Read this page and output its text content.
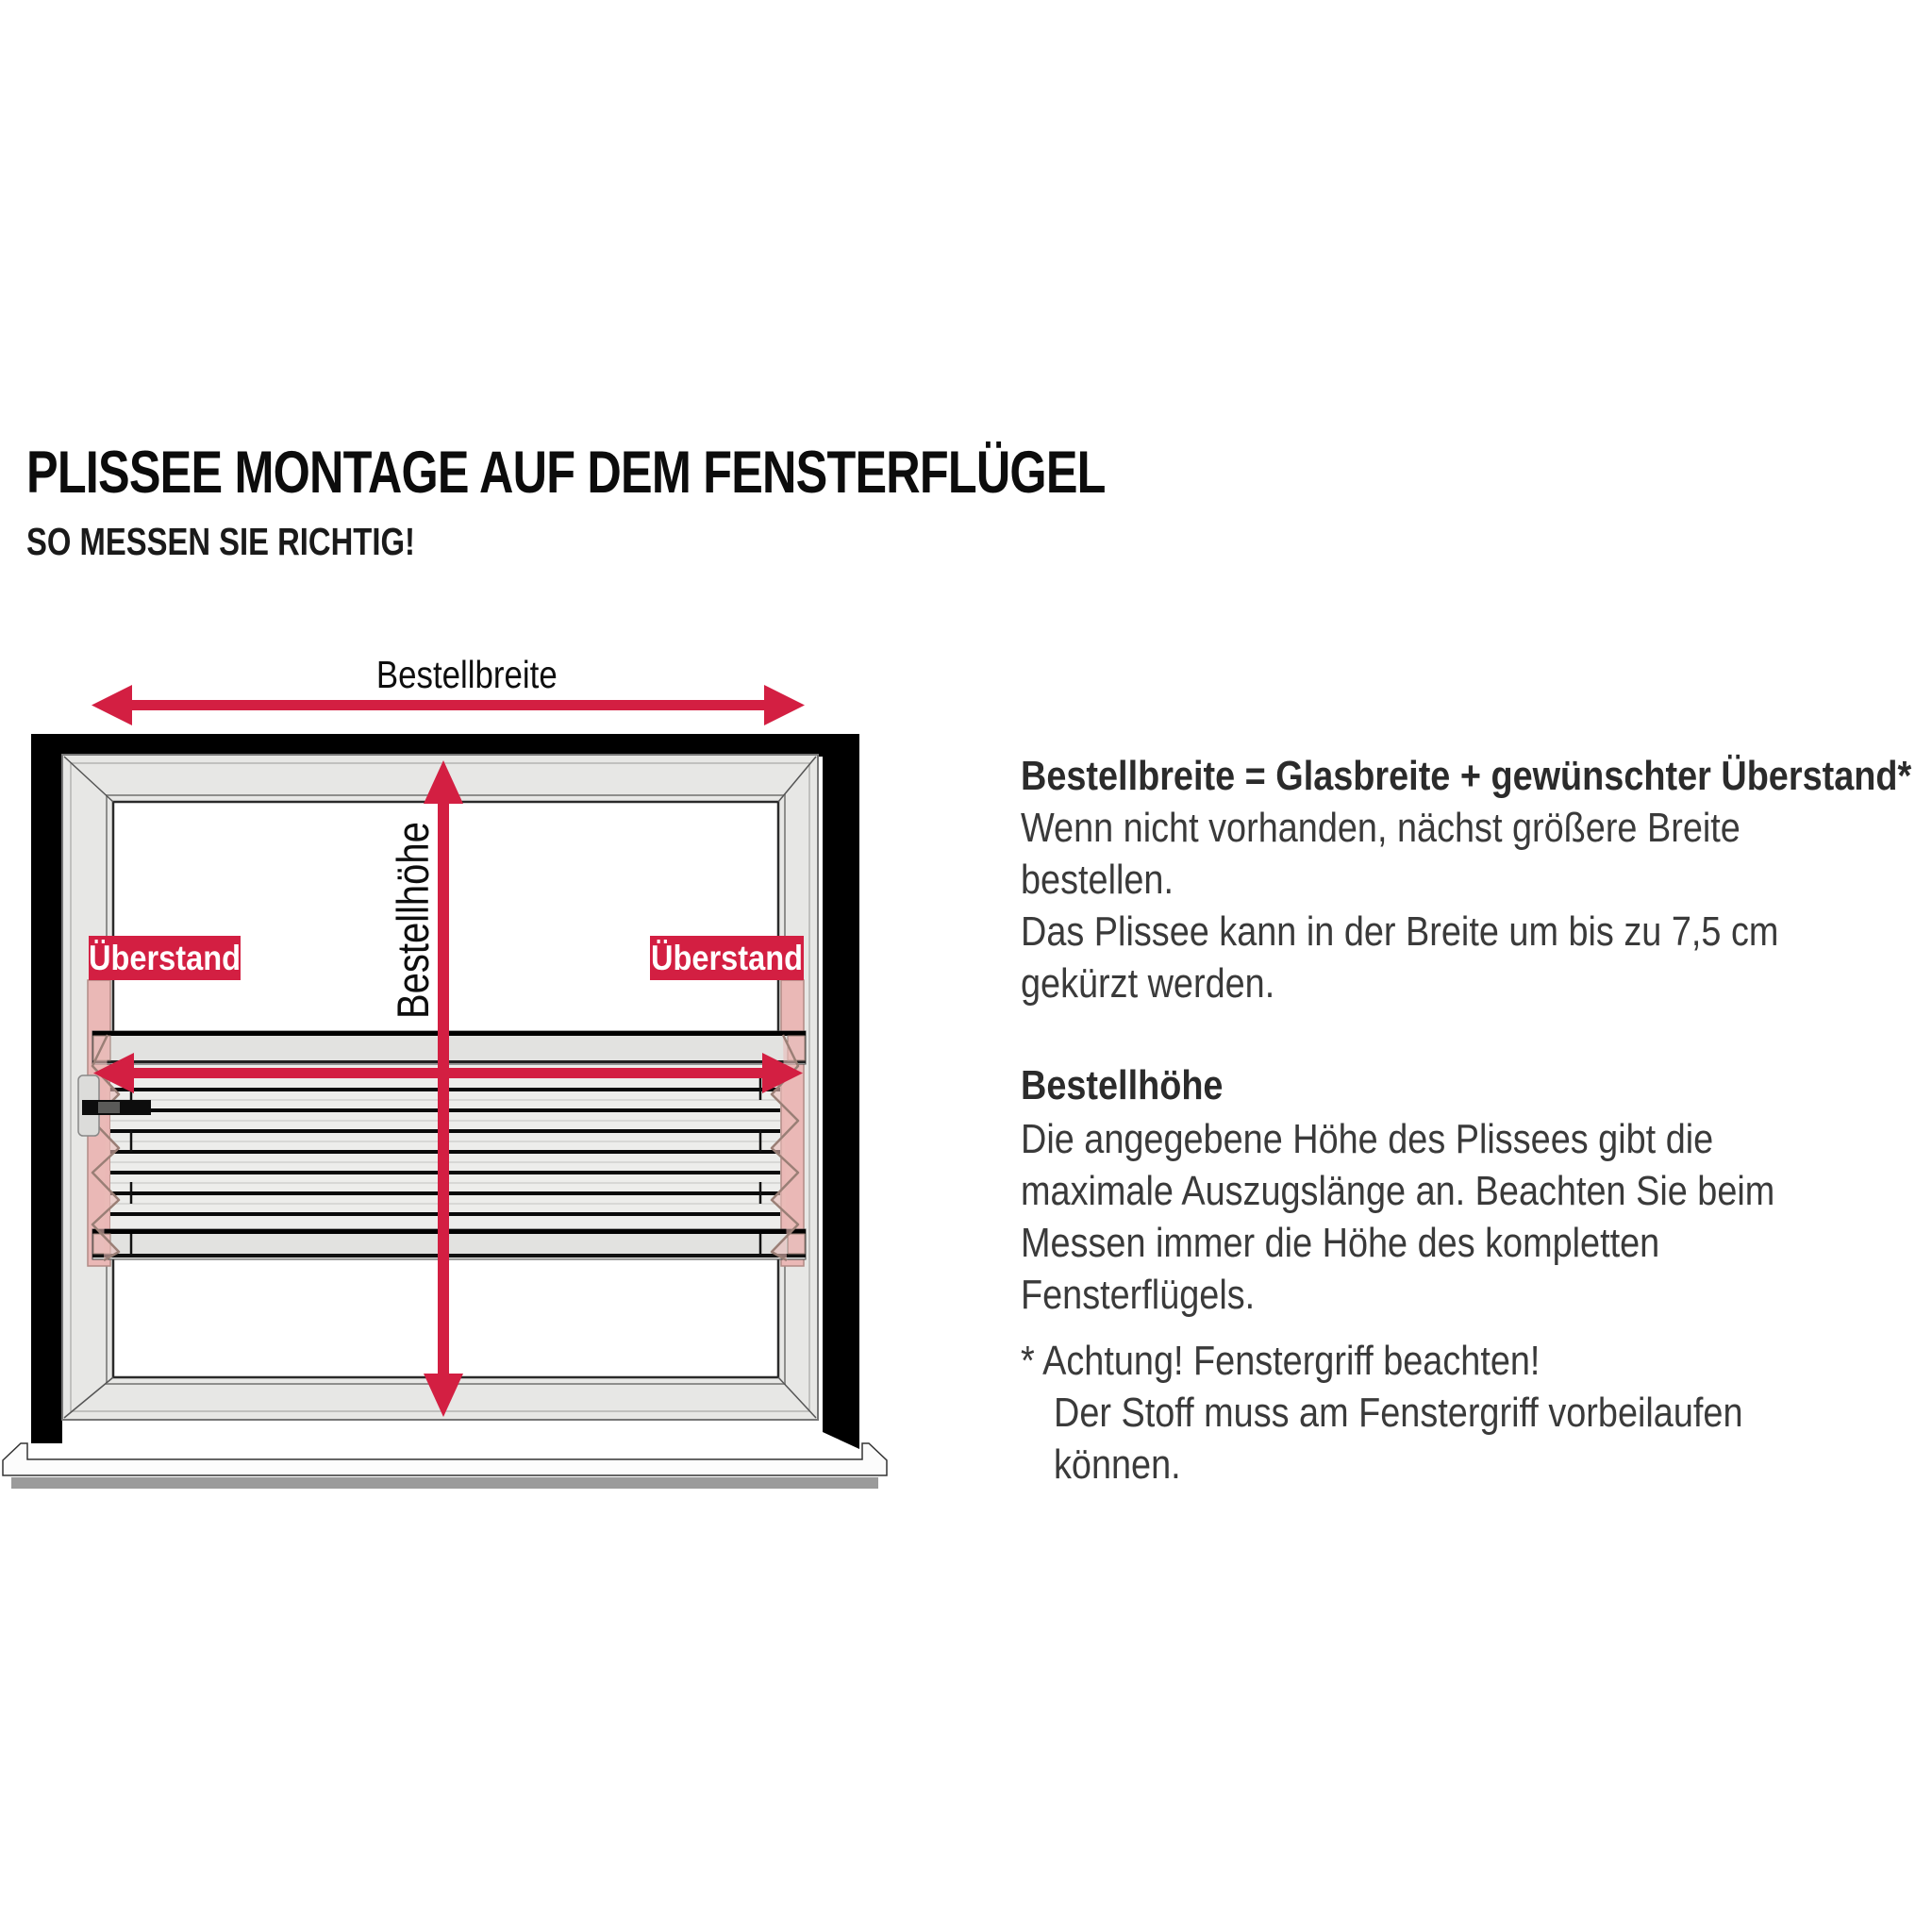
PLISSEE MONTAGE AUF DEM FENSTERFLÜGEL
SO MESSEN SIE RICHTIG!
Bestellbreite
Bestellhöhe
Überstand	Überstand
Bestellbreite = Glasbreite + gewünschter Überstand*
Wenn nicht vorhanden, nächst größere Breite
bestellen.
Das Plissee kann in der Breite um bis zu 7,5 cm
gekürzt werden.
Bestellhöhe
Die angegebene Höhe des Plissees gibt die
maximale Auszugslänge an. Beachten Sie beim
Messen immer die Höhe des kompletten
Fensterflügels.
* Achtung! Fenstergriff beachten!
Der Stoff muss am Fenstergriff vorbeilaufen
können.
